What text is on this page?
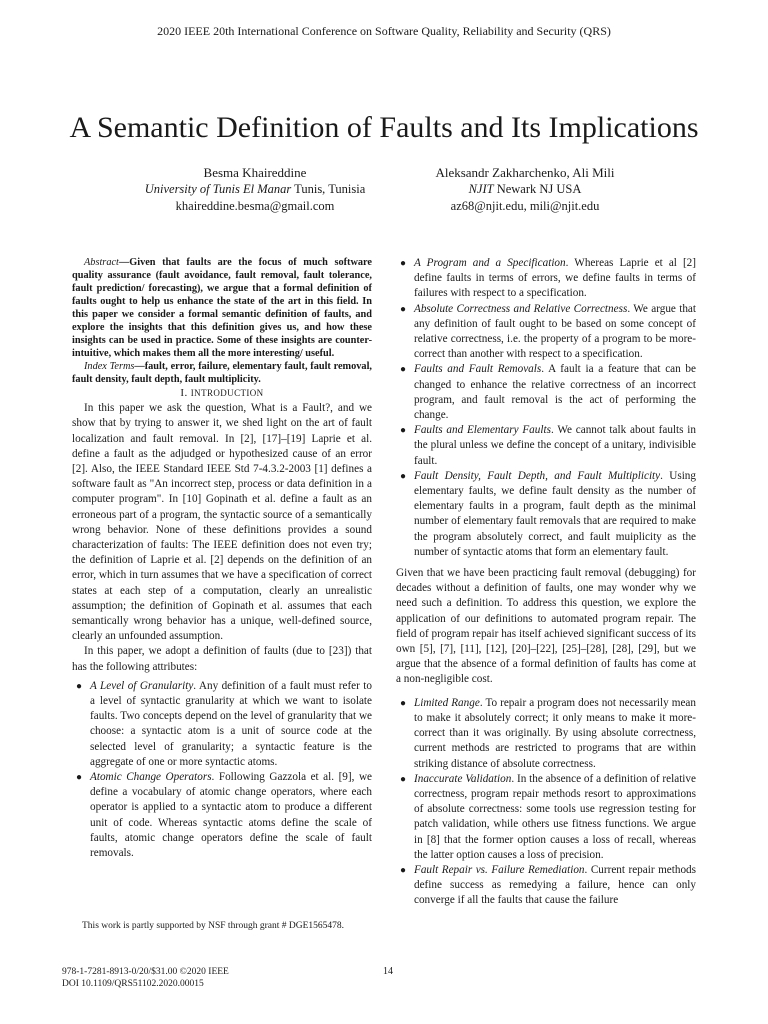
2020 IEEE 20th International Conference on Software Quality, Reliability and Security (QRS)
A Semantic Definition of Faults and Its Implications
Besma Khaireddine
University of Tunis El Manar Tunis, Tunisia
khaireddine.besma@gmail.com
Aleksandr Zakharchenko, Ali Mili
NJIT Newark NJ USA
az68@njit.edu, mili@njit.edu

Abstract—Given that faults are the focus of much software quality assurance (fault avoidance, fault removal, fault tolerance, fault prediction/ forecasting), we argue that a formal definition of faults ought to help us enhance the state of the art in this field. In this paper we consider a formal semantic definition of faults, and explore the insights that this definition gives us, and how these insights can be used in practice. Some of these insights are counter-intuitive, which makes them all the more interesting/ useful.

Index Terms—fault, error, failure, elementary fault, fault removal, fault density, fault depth, fault multiplicity.

I. INTRODUCTION

In this paper we ask the question, What is a Fault?, and we show that by trying to answer it, we shed light on the art of fault localization and fault removal. In [2], [17]–[19] Laprie et al. define a fault as the adjudged or hypothesized cause of an error [2]. Also, the IEEE Standard IEEE Std 7-4.3.2-2003 [1] defines a software fault as "An incorrect step, process or data definition in a computer program". In [10] Gopinath et al. define a fault as an erroneous part of a program, the syntactic source of a semantically wrong behavior. None of these definitions provides a sound characterization of faults: The IEEE definition does not even try; the definition of Laprie et al. [2] depends on the definition of an error, which in turn assumes that we have a specification of correct states at each step of a computation, clearly an unrealistic assumption; the definition of Gopinath et al. assumes that each semantically wrong behavior has a unique, well-defined source, clearly an unfounded assumption.

In this paper, we adopt a definition of faults (due to [23]) that has the following attributes:

● A Level of Granularity. Any definition of a fault must refer to a level of syntactic granularity at which we want to isolate faults. Two concepts depend on the level of granularity that we choose: a syntactic atom is a unit of source code at the selected level of granularity; a syntactic feature is the aggregate of one or more syntactic atoms.
● Atomic Change Operators. Following Gazzola et al. [9], we define a vocabulary of atomic change operators, where each operator is applied to a syntactic atom to produce a different unit of code. Whereas syntactic atoms define the scale of faults, atomic change operators define the scale of fault removals.
This work is partly supported by NSF through grant # DGE1565478.
● A Program and a Specification. Whereas Laprie et al [2] define faults in terms of errors, we define faults in terms of failures with respect to a specification.
● Absolute Correctness and Relative Correctness. We argue that any definition of fault ought to be based on some concept of relative correctness, i.e. the property of a program to be more-correct than another with respect to a specification.
● Faults and Fault Removals. A fault ia a feature that can be changed to enhance the relative correctness of an incorrect program, and fault removal is the act of performing the change.
● Faults and Elementary Faults. We cannot talk about faults in the plural unless we define the concept of a unitary, indivisible fault.
● Fault Density, Fault Depth, and Fault Multiplicity. Using elementary faults, we define fault density as the number of elementary faults in a program, fault depth as the minimal number of elementary fault removals that are required to make the program absolutely correct, and fault muiplicity as the number of syntactic atoms that form an elementary fault.

Given that we have been practicing fault removal (debugging) for decades without a definition of faults, one may wonder why we need such a definition. To address this question, we explore the application of our definitions to automated program repair. The field of program repair has itself achieved significant success of its own [5], [7], [11], [12], [20]–[22], [25]–[28], [28], [29], but we argue that the absence of a formal definition of faults has come at a non-negligible cost.

● Limited Range. To repair a program does not necessarily mean to make it absolutely correct; it only means to make it more-correct than it was originally. By using absolute correctness, current methods are restricted to programs that are within striking distance of absolute correctness.
● Inaccurate Validation. In the absence of a definition of relative correctness, program repair methods resort to approximations of absolute correctness: some tools use regression testing for patch validation, while others use fitness functions. We argue in [8] that the former option causes a loss of recall, whereas the latter option causes a loss of precision.
● Fault Repair vs. Failure Remediation. Current repair methods define success as remedying a failure, hence can only converge if all the faults that cause the failure
978-1-7281-8913-0/20/$31.00 ©2020 IEEE
DOI 10.1109/QRS51102.2020.00015
14
